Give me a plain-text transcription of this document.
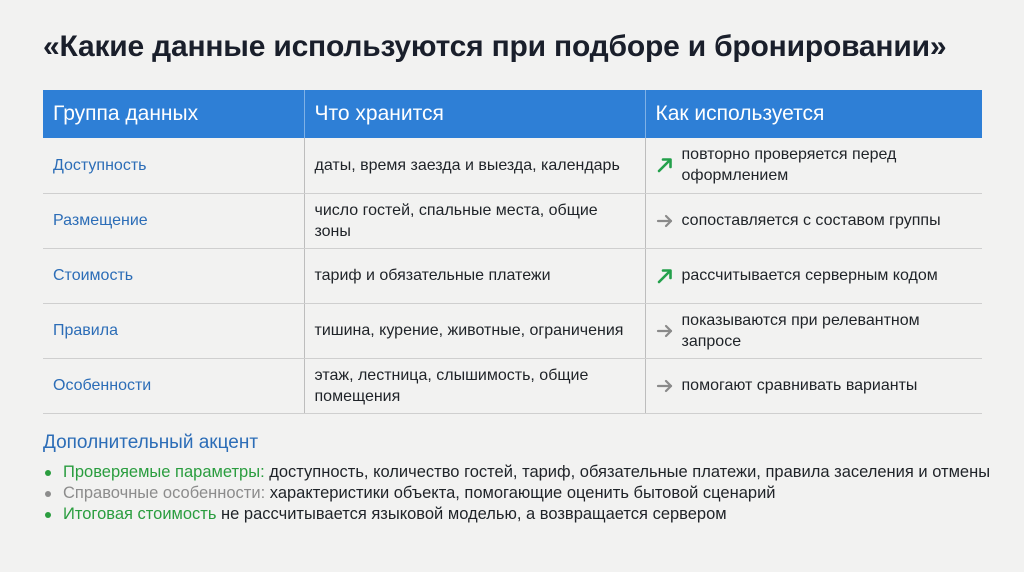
«Какие данные используются при подборе и бронировании»
Группа данных	Что хранится	Как используется
Доступность	даты, время заезда и выезда, календарь	повторно проверяется перед оформлением
Размещение	число гостей, спальные места, общие зоны	сопоставляется с составом группы
Стоимость	тариф и обязательные платежи	рассчитывается серверным кодом
Правила	тишина, курение, животные, ограничения	показываются при релевантном запросе
Особенности	этаж, лестница, слышимость, общие помещения	помогают сравнивать варианты
Дополнительный акцент
Проверяемые параметры: доступность, количество гостей, тариф, обязательные платежи, правила заселения и отмены
Справочные особенности: характеристики объекта, помогающие оценить бытовой сценарий
Итоговая стоимость не рассчитывается языковой моделью, а возвращается сервером
